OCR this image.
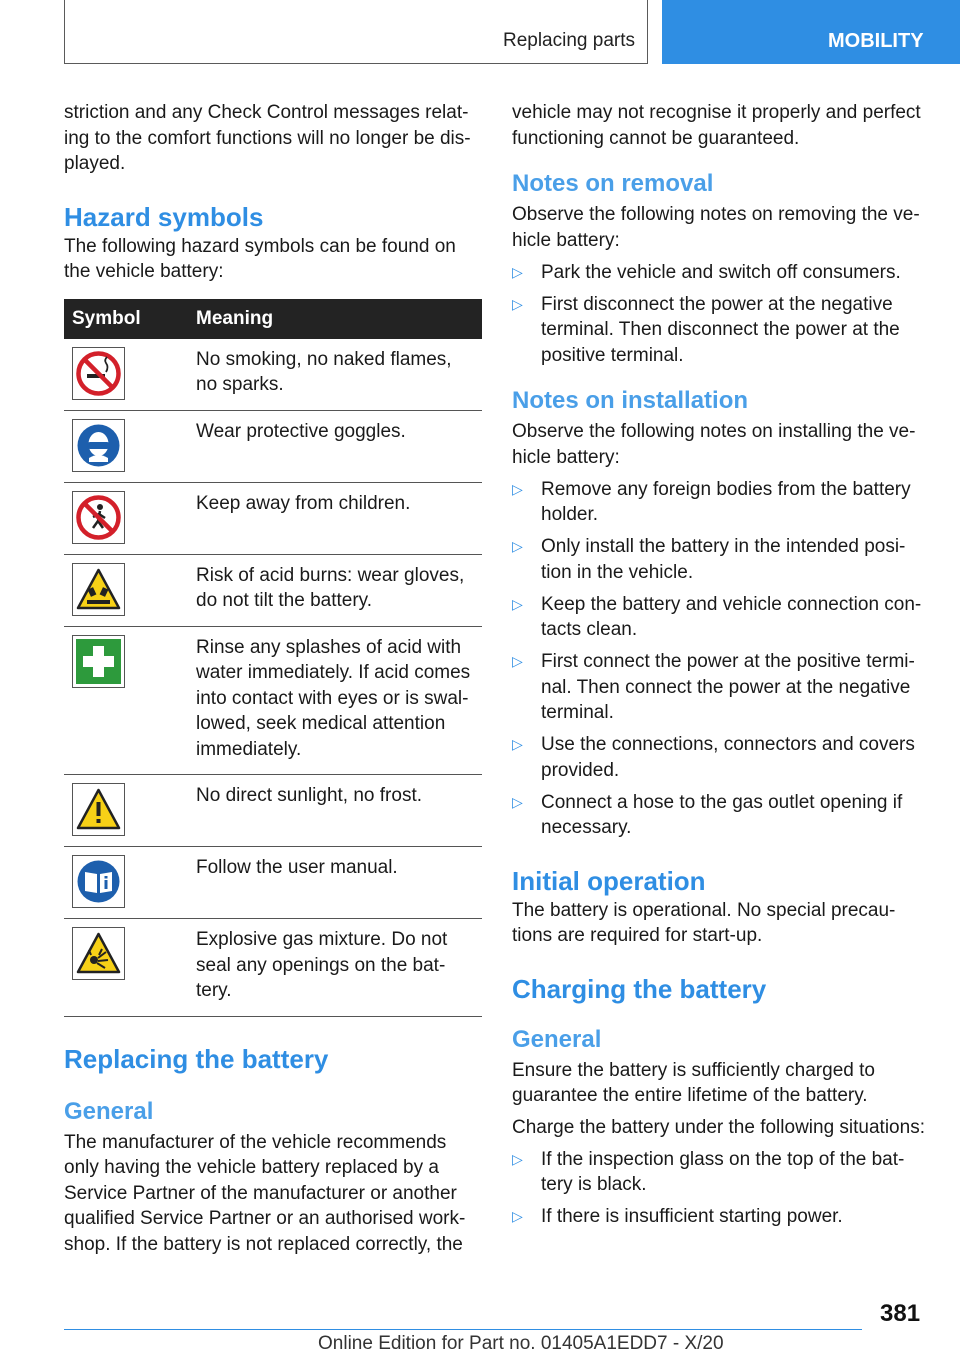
Replacing parts	MOBILITY

striction and any Check Control messages relat-ing to the comfort functions will no longer be dis-played.

Hazard symbols

The following hazard symbols can be found on the vehicle battery:

Symbol	Meaning

	No smoking, no naked flames, no sparks.

	Wear protective goggles.

	Keep away from children.

	Risk of acid burns: wear gloves, do not tilt the battery.

	Rinse any splashes of acid with water immediately. If acid comes into contact with eyes or is swal-lowed, seek medical attention immediately.

	No direct sunlight, no frost.

	Follow the user manual.

	Explosive gas mixture. Do not seal any openings on the bat-tery.
Replacing the battery
General

The manufacturer of the vehicle recommends only having the vehicle battery replaced by a Service Partner of the manufacturer or another qualified Service Partner or an authorised work-shop. If the battery is not replaced correctly, the

vehicle may not recognise it properly and perfect functioning cannot be guaranteed.

Notes on removal

Observe the following notes on removing the ve-hicle battery:

▷ Park the vehicle and switch off consumers.
▷ First disconnect the power at the negative terminal. Then disconnect the power at the positive terminal.
Notes on installation

Observe the following notes on installing the ve-hicle battery:

▷ Remove any foreign bodies from the battery holder.
▷ Only install the battery in the intended posi-tion in the vehicle.
▷ Keep the battery and vehicle connection con-tacts clean.
▷ First connect the power at the positive termi-nal. Then connect the power at the negative terminal.
▷ Use the connections, connectors and covers provided.
▷ Connect a hose to the gas outlet opening if necessary.
Initial operation

The battery is operational. No special precau-tions are required for start-up.

Charging the battery
General

Ensure the battery is sufficiently charged to guarantee the entire lifetime of the battery.

Charge the battery under the following situations:

▷ If the inspection glass on the top of the bat-tery is black.
▷ If there is insufficient starting power.
381
Online Edition for Part no. 01405A1EDD7 - X/20
